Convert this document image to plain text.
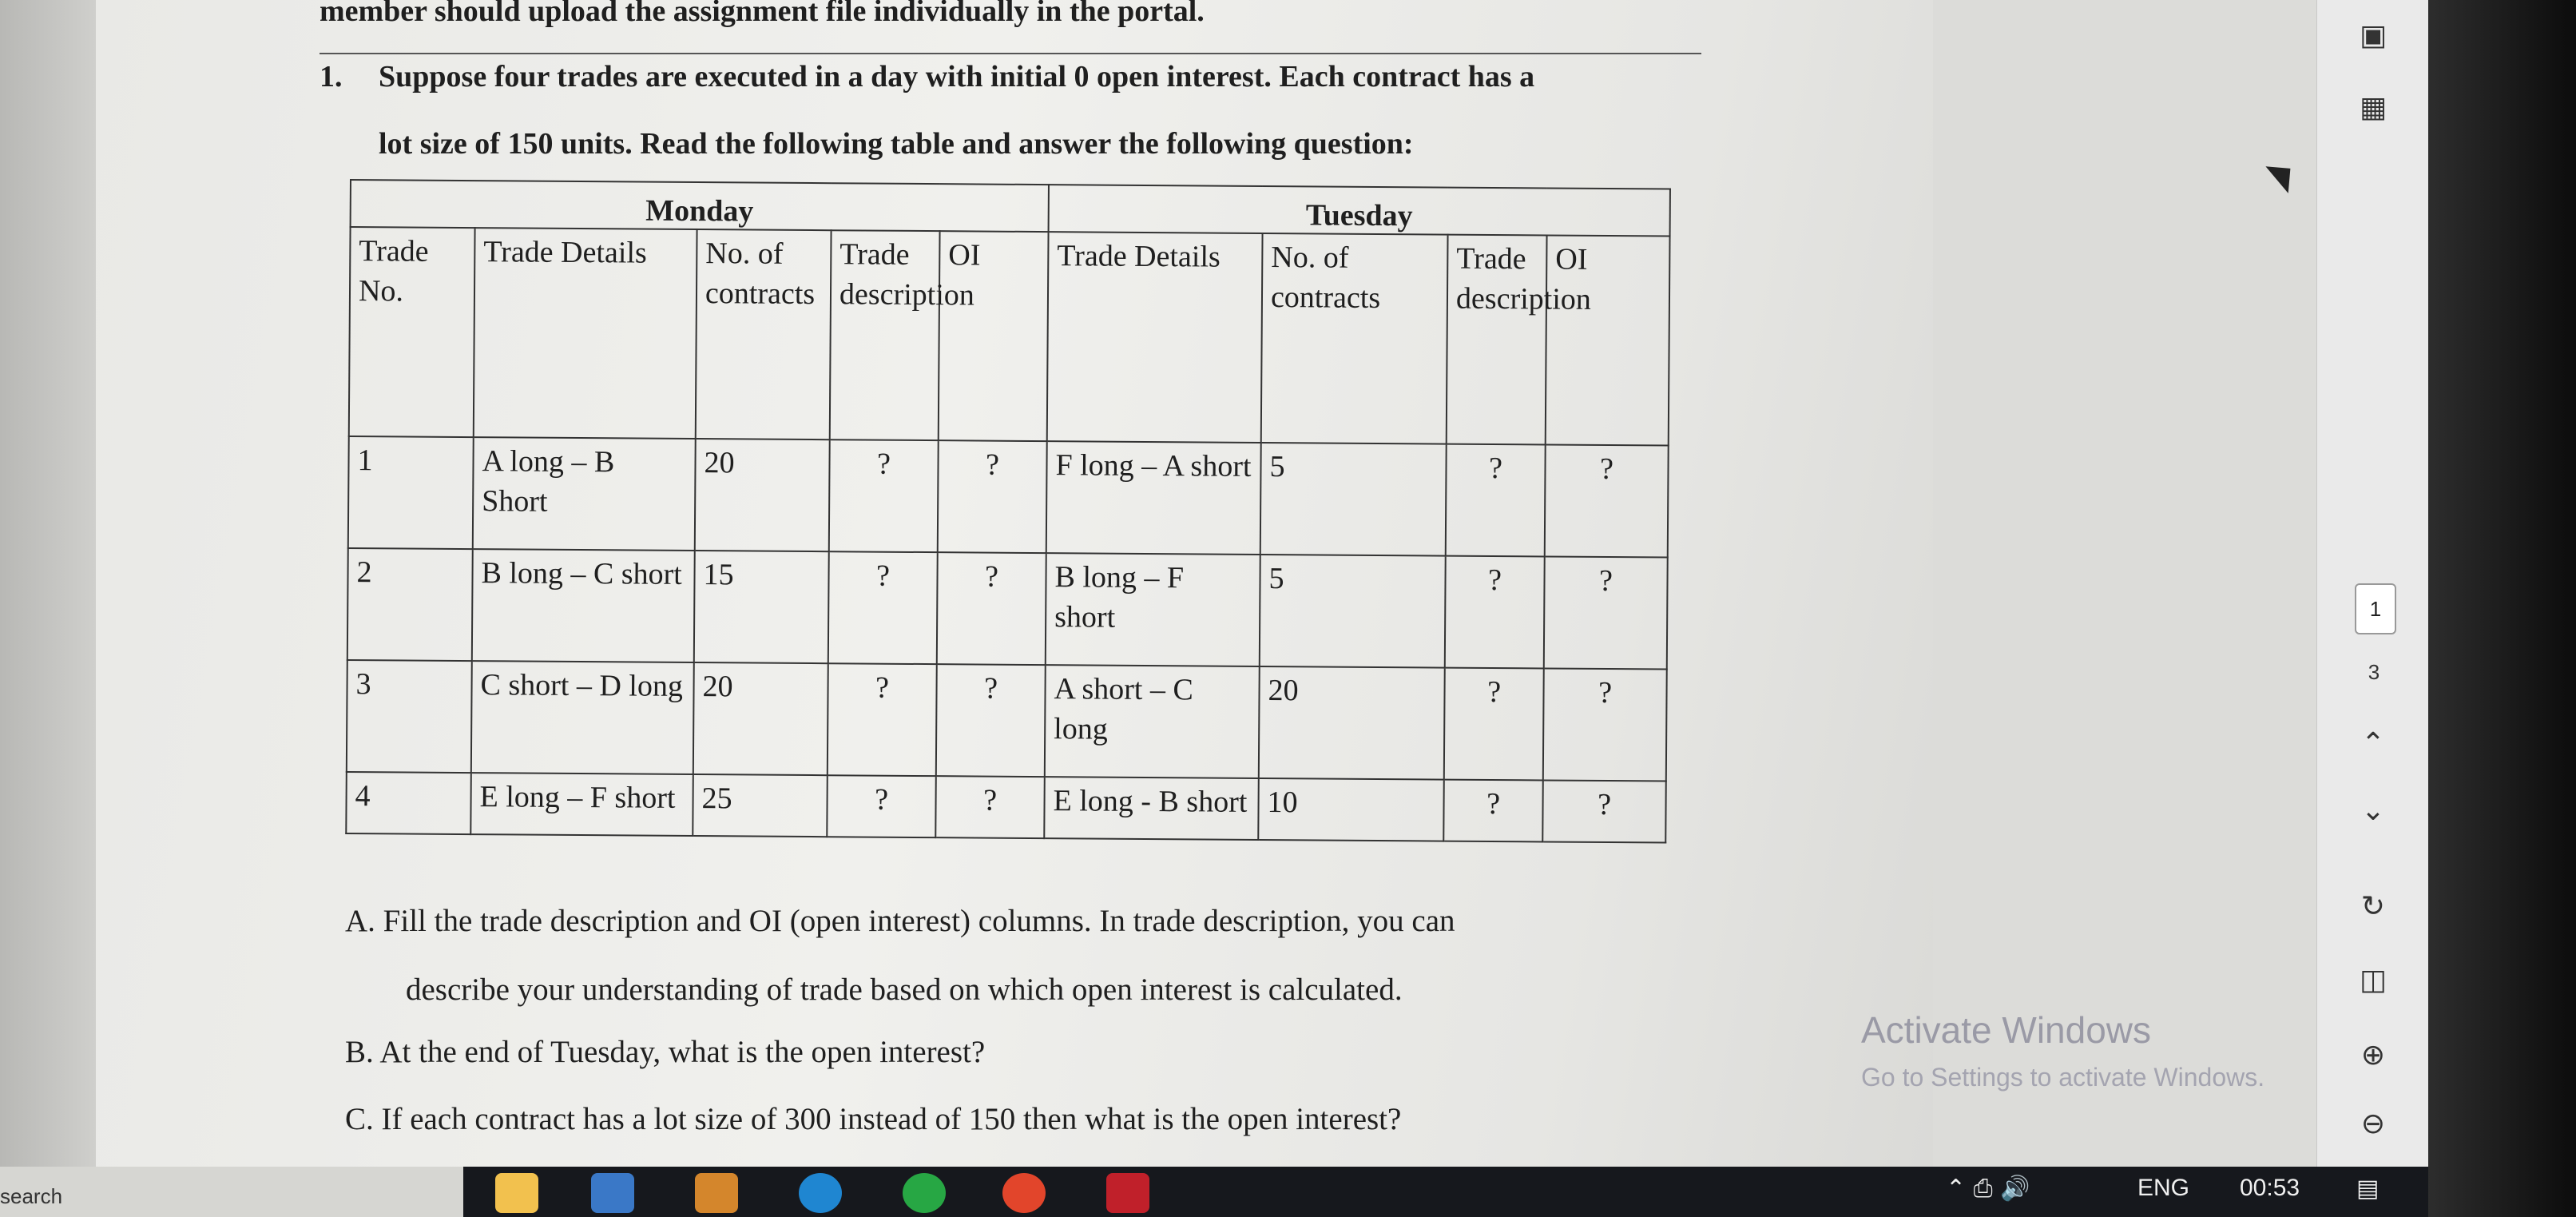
member should upload the assignment file individually in the portal.
1. Suppose four trades are executed in a day with initial 0 open interest. Each contract has a
lot size of 150 units. Read the following table and answer the following question:
Monday					Tuesday			
Trade No.	Trade Details	No. of contracts	Trade description	OI	Trade Details	No. of contracts	Trade description	OI
1	A long – B Short	20	?	?	F long – A short	5	?	?
2	B long – C short	15	?	?	B long – F short	5	?	?
3	C short – D long	20	?	?	A short – C long	20	?	?
4	E long – F short	25	?	?	E long - B short	10	?	?
A. Fill the trade description and OI (open interest) columns. In trade description, you can
describe your understanding of trade based on which open interest is calculated.
B. At the end of Tuesday, what is the open interest?
C. If each contract has a lot size of 300 instead of 150 then what is the open interest?
Activate Windows
Go to Settings to activate Windows.
▣
▦
1
3
⌃
⌄
↻
◫
⊕
⊖
search	⌃ ⎙ 🔊	ENG 00:53 ▤
